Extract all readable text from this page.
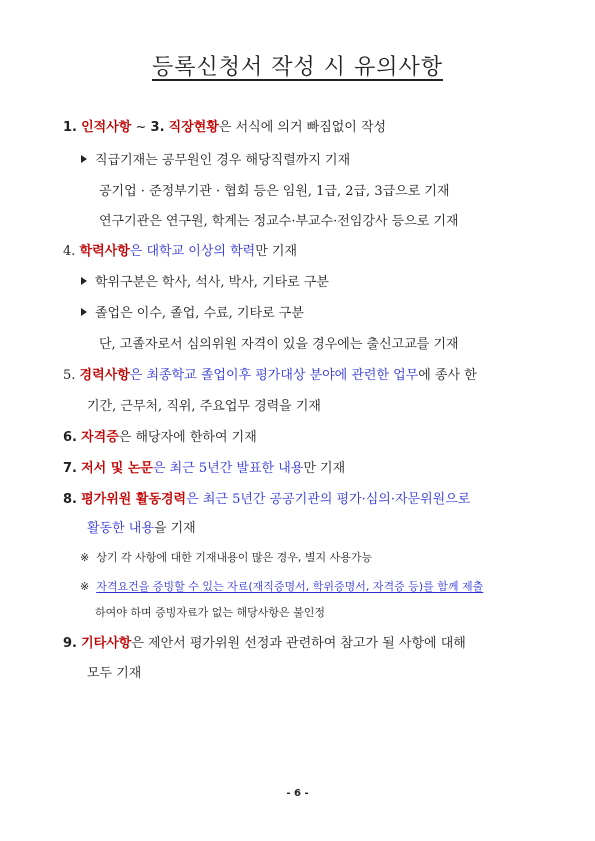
등록신청서 작성 시 유의사항
1. 인적사항 ~ 3. 직장현황은 서식에 의거 빠짐없이 작성
직급기재는 공무원인 경우 해당직렬까지 기재
공기업 · 준정부기관 · 협회 등은 임원, 1급, 2급, 3급으로 기재
연구기관은 연구원, 학계는 정교수·부교수·전임강사 등으로 기재
4. 학력사항은 대학교 이상의 학력만 기재
학위구분은 학사, 석사, 박사, 기타로 구분
졸업은 이수, 졸업, 수료, 기타로 구분
단, 고졸자로서 심의위원 자격이 있을 경우에는 출신고교를 기재
5. 경력사항은 최종학교 졸업이후 평가대상 분야에 관련한 업무에 종사 한
기간, 근무처, 직위, 주요업무 경력을 기재
6. 자격증은 해당자에 한하여 기재
7. 저서 및 논문은 최근 5년간 발표한 내용만 기재
8. 평가위원 활동경력은 최근 5년간 공공기관의 평가·심의·자문위원으로
활동한 내용을 기재
※ 상기 각 사항에 대한 기재내용이 많은 경우, 별지 사용가능
※ 자격요건을 증빙할 수 있는 자료(재직증명서, 학위증명서, 자격증 등)를 함께 제출
하여야 하며 증빙자료가 없는 해당사항은 불인정
9. 기타사항은 제안서 평가위원 선정과 관련하여 참고가 될 사항에 대해
모두 기재
- 6 -
